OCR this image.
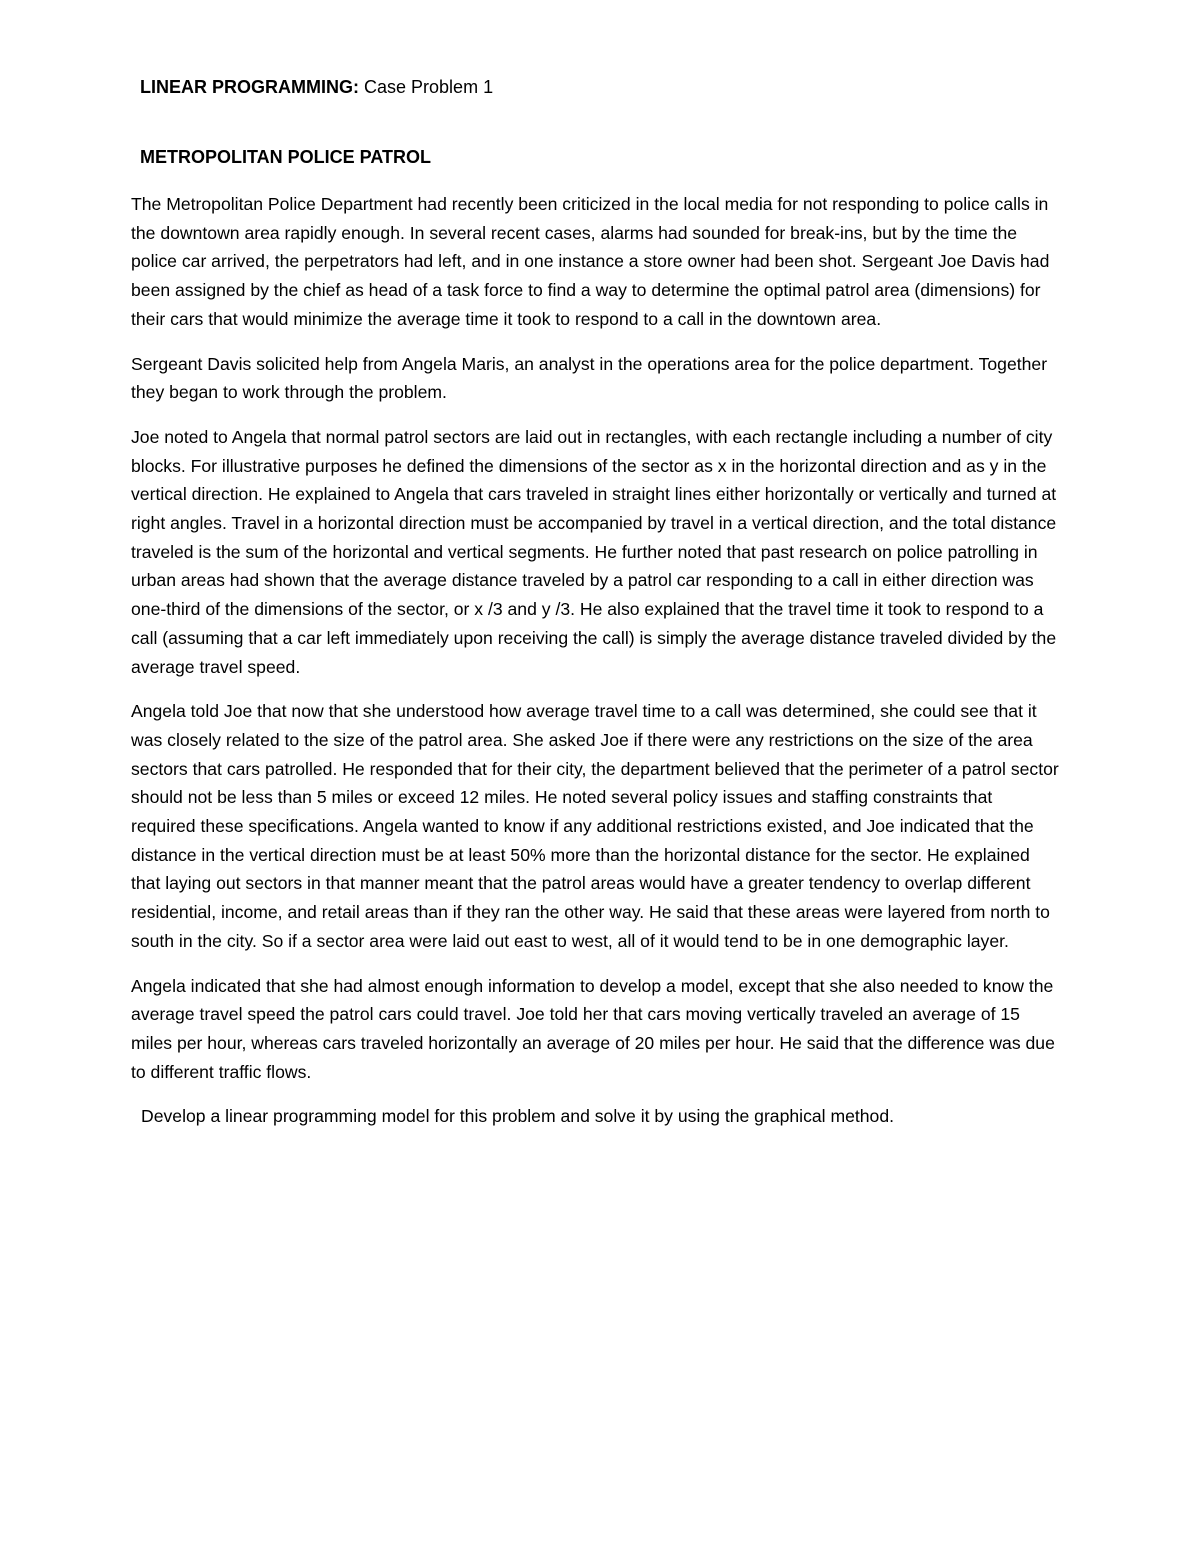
LINEAR PROGRAMMING: Case Problem 1
METROPOLITAN POLICE PATROL

The Metropolitan Police Department had recently been criticized in the local media for not responding to police calls in the downtown area rapidly enough. In several recent cases, alarms had sounded for break-ins, but by the time the police car arrived, the perpetrators had left, and in one instance a store owner had been shot. Sergeant Joe Davis had been assigned by the chief as head of a task force to find a way to determine the optimal patrol area (dimensions) for their cars that would minimize the average time it took to respond to a call in the downtown area.

Sergeant Davis solicited help from Angela Maris, an analyst in the operations area for the police department. Together they began to work through the problem.

Joe noted to Angela that normal patrol sectors are laid out in rectangles, with each rectangle including a number of city blocks. For illustrative purposes he defined the dimensions of the sector as x in the horizontal direction and as y in the vertical direction. He explained to Angela that cars traveled in straight lines either horizontally or vertically and turned at right angles. Travel in a horizontal direction must be accompanied by travel in a vertical direction, and the total distance traveled is the sum of the horizontal and vertical segments. He further noted that past research on police patrolling in urban areas had shown that the average distance traveled by a patrol car responding to a call in either direction was one-third of the dimensions of the sector, or x /3 and y /3. He also explained that the travel time it took to respond to a call (assuming that a car left immediately upon receiving the call) is simply the average distance traveled divided by the average travel speed.

Angela told Joe that now that she understood how average travel time to a call was determined, she could see that it was closely related to the size of the patrol area. She asked Joe if there were any restrictions on the size of the area sectors that cars patrolled. He responded that for their city, the department believed that the perimeter of a patrol sector should not be less than 5 miles or exceed 12 miles. He noted several policy issues and staffing constraints that required these specifications. Angela wanted to know if any additional restrictions existed, and Joe indicated that the distance in the vertical direction must be at least 50% more than the horizontal distance for the sector. He explained that laying out sectors in that manner meant that the patrol areas would have a greater tendency to overlap different residential, income, and retail areas than if they ran the other way. He said that these areas were layered from north to south in the city. So if a sector area were laid out east to west, all of it would tend to be in one demographic layer.

Angela indicated that she had almost enough information to develop a model, except that she also needed to know the average travel speed the patrol cars could travel. Joe told her that cars moving vertically traveled an average of 15 miles per hour, whereas cars traveled horizontally an average of 20 miles per hour. He said that the difference was due to different traffic flows.

Develop a linear programming model for this problem and solve it by using the graphical method.
